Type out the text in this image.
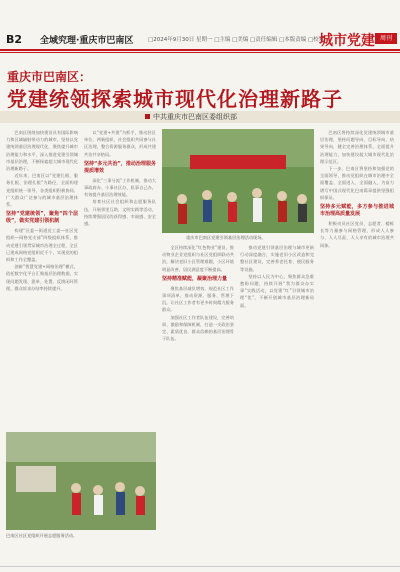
B2 全域究理·重庆市巴南区	□2024年9月30日 星期一 □主编 □美编 □责任编辑 □本版责编 □校对
城市党建 周刊
重庆市巴南区：
党建统领探索城市现代化治理新路子
中共重庆市巴南区委组织部

巴南区围绕加快建设具有国际影响力和区域辐射带动力的城市，坚持以党建统领基层治理现代化，聚焦提升城市治理能力和水平，深入推进党建引领城市基层治理，不断探索超大城市现代化治理新路子。

近年来，巴南区以“党建扎根、服务扎根、治理扎根”为路径，全面构建党组织统一领导、各类组织积极协同、广大群众广泛参与的城市基层治理体系。

坚持“党建统领”，聚焦“四个层级”，做实党建引领机制

构建“区委—街道党工委—社区党组织—网格党支部”四级组织体系，推动党建引领贯穿城市治理全过程，全区已建成网格党组织近千个，实现党的组织和工作全覆盖。

创新“智慧党建+网格治理”模式，依托数字化平台汇聚基层治理数据，实现问题发现、派单、处置、反馈闭环管理，群众诉求办结率持续提升。

以“党建+共建”为抓手，推动驻区单位、两新组织、社会组织共同参与社区治理，整合资源服务群众，形成共建共治共享格局。

坚持“多元共治”，推动治理服务提质增效

深化“三事分流”工作机制，推动大事政府办、小事社区办、私事自己办，有效提升基层治理效能。

培育社区社会组织和志愿服务队伍，开展邻里互助、文明实践等活动，持续增强居民的获得感、幸福感、安全感。

重庆市巴南区党建引领基层治理活动现场。

全区持续深化“红色物业”建设，推动物业企业党组织与社区党组织联动共治，解决老旧小区管理难题，小区环境明显改善，居民满意度不断提高。

坚持精准赋能，凝聚治理力量

聚焦基层减负增效，规范社区工作事项清单，推动资源、服务、管理下沉，让社区工作者有更多时间精力服务群众。

加强社区工作者队伍建设，完善培训、激励和保障机制，打造一支政治坚定、素质优良、群众信赖的基层治理骨干队伍。

推动党建引领基层治理与城市更新行动深度融合，实施老旧小区改造和完整社区建设，完善养老托育、便民服务等设施。

坚持以人民为中心，聚焦群众急难愁盼问题，持续开展“我为群众办实事”实践活动，以党建“红”引领城市治理“优”，不断开创城市基层治理新局面。

巴南区将持续深化党建统领城市基层治理，坚持问题导向、目标导向、结果导向，健全完善治理体系，全面提升治理能力，加快建设超大城市现代化治理示范区。

下一步，巴南区将坚持和加强党的全面领导，推动党组织在城市治理中全面覆盖、全面进入、全面融入，为奋力谱写中国式现代化巴南篇章提供坚强组织保证。

坚持多元赋能，多方参与推进城市治理高质量发展

积极动员社区党员、志愿者、楼栋长等力量参与网格管理，形成人人参与、人人尽责、人人享有的城市治理共同体。

巴南区社区党组织开展志愿服务活动。
